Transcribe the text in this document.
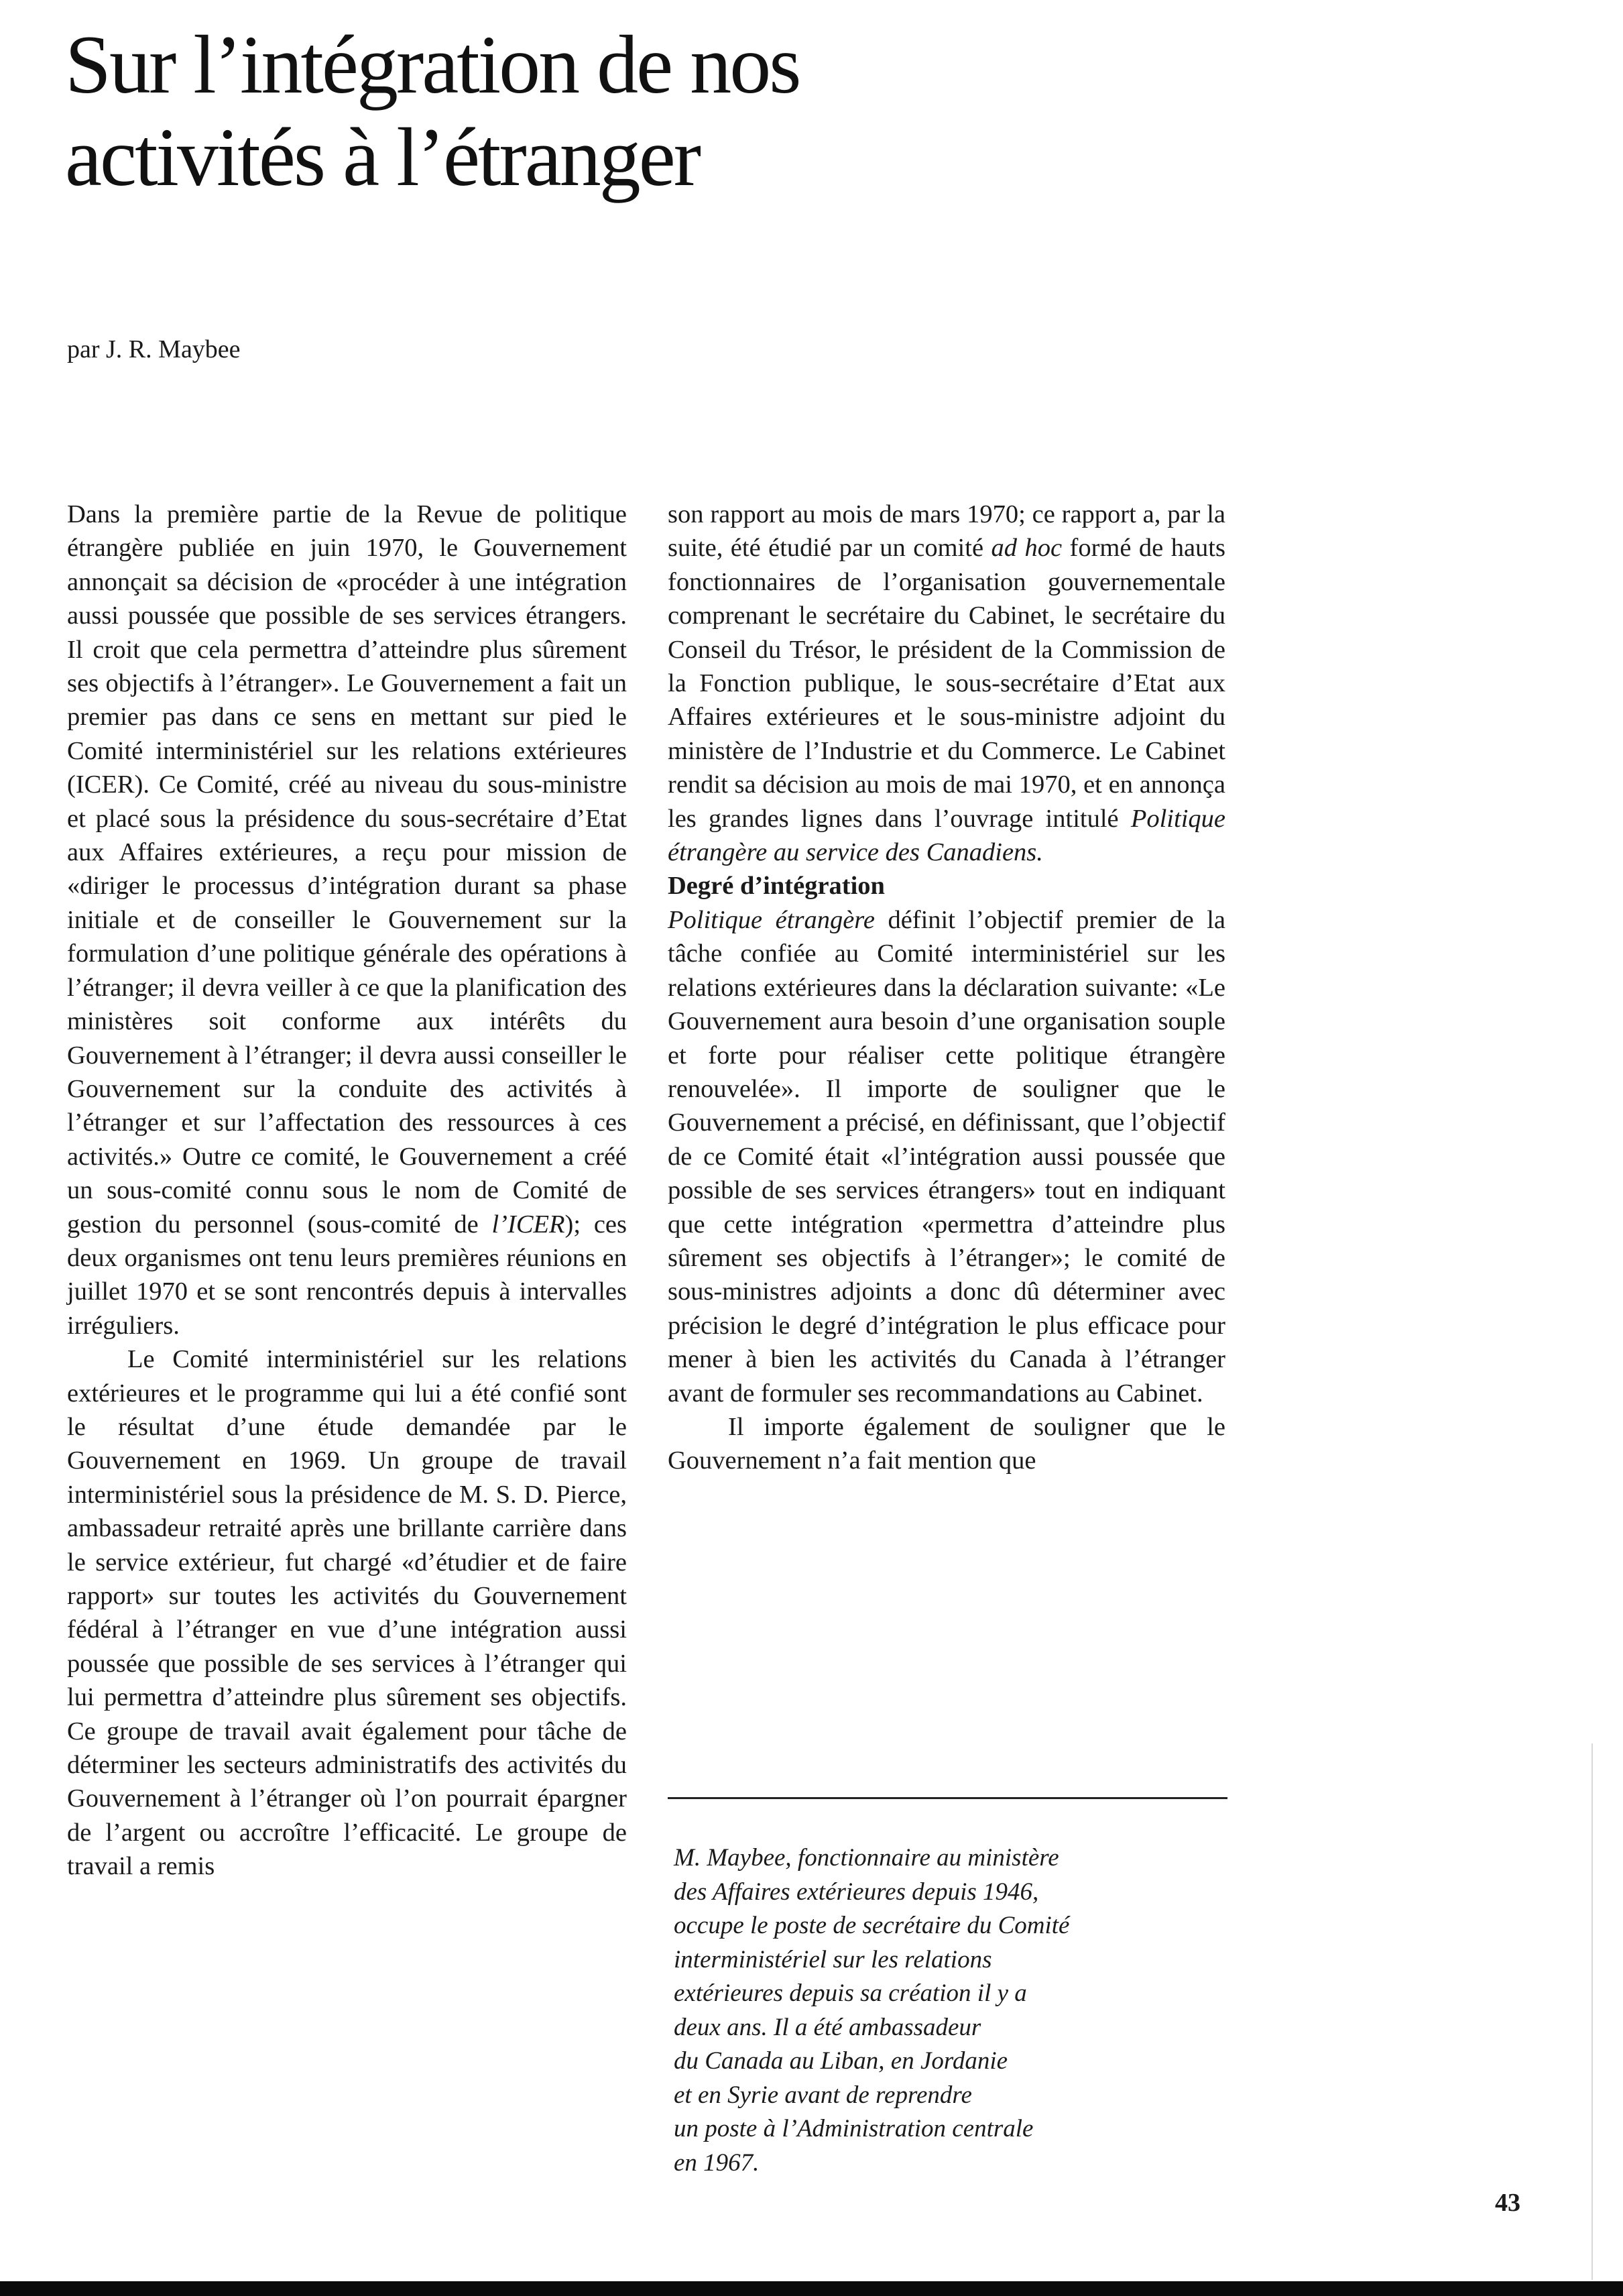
Sur l’intégration de nos
activités à l’étranger
par J. R. Maybee

Dans la première partie de la Revue de politique étrangère publiée en juin 1970, le Gouvernement annonçait sa décision de «procéder à une intégration aussi poussée que possible de ses services étrangers. Il croit que cela permettra d’atteindre plus sûrement ses objectifs à l’étranger». Le Gouvernement a fait un premier pas dans ce sens en mettant sur pied le Comité interministériel sur les relations extérieures (ICER). Ce Comité, créé au niveau du sous-ministre et placé sous la présidence du sous-secrétaire d’Etat aux Affaires extérieures, a reçu pour mission de «diriger le processus d’intégration durant sa phase initiale et de conseiller le Gouvernement sur la formulation d’une politique générale des opérations à l’étranger; il devra veiller à ce que la planification des ministères soit conforme aux intérêts du Gouvernement à l’étranger; il devra aussi conseiller le Gouvernement sur la conduite des activités à l’étranger et sur l’affectation des ressources à ces activités.» Outre ce comité, le Gouvernement a créé un sous-comité connu sous le nom de Comité de gestion du personnel (sous-comité de l’ICER); ces deux organismes ont tenu leurs premières réunions en juillet 1970 et se sont rencontrés depuis à intervalles irréguliers.

Le Comité interministériel sur les relations extérieures et le programme qui lui a été confié sont le résultat d’une étude demandée par le Gouvernement en 1969. Un groupe de travail interministériel sous la présidence de M. S. D. Pierce, ambassadeur retraité après une brillante carrière dans le service extérieur, fut chargé «d’étudier et de faire rapport» sur toutes les activités du Gouvernement fédéral à l’étranger en vue d’une intégration aussi poussée que possible de ses services à l’étranger qui lui permettra d’atteindre plus sûrement ses objectifs. Ce groupe de travail avait également pour tâche de déterminer les secteurs administratifs des activités du Gouvernement à l’étranger où l’on pourrait épargner de l’argent ou accroître l’efficacité. Le groupe de travail a remis

son rapport au mois de mars 1970; ce rapport a, par la suite, été étudié par un comité ad hoc formé de hauts fonctionnaires de l’organisation gouvernementale comprenant le secrétaire du Cabinet, le secrétaire du Conseil du Trésor, le président de la Commission de la Fonction publique, le sous-secrétaire d’Etat aux Affaires extérieures et le sous-ministre adjoint du ministère de l’Industrie et du Commerce. Le Cabinet rendit sa décision au mois de mai 1970, et en annonça les grandes lignes dans l’ouvrage intitulé Politique étrangère au service des Canadiens.

Degré d’intégration

Politique étrangère définit l’objectif premier de la tâche confiée au Comité interministériel sur les relations extérieures dans la déclaration suivante: «Le Gouvernement aura besoin d’une organisation souple et forte pour réaliser cette politique étrangère renouvelée». Il importe de souligner que le Gouvernement a précisé, en définissant, que l’objectif de ce Comité était «l’intégration aussi poussée que possible de ses services étrangers» tout en indiquant que cette intégration «permettra d’atteindre plus sûrement ses objectifs à l’étranger»; le comité de sous-ministres adjoints a donc dû déterminer avec précision le degré d’intégration le plus efficace pour mener à bien les activités du Canada à l’étranger avant de formuler ses recommandations au Cabinet.

Il importe également de souligner que le Gouvernement n’a fait mention que

M. Maybee, fonctionnaire au ministère
des Affaires extérieures depuis 1946,
occupe le poste de secrétaire du Comité
interministériel sur les relations
extérieures depuis sa création il y a
deux ans. Il a été ambassadeur
du Canada au Liban, en Jordanie
et en Syrie avant de reprendre
un poste à l’Administration centrale
en 1967.
43
